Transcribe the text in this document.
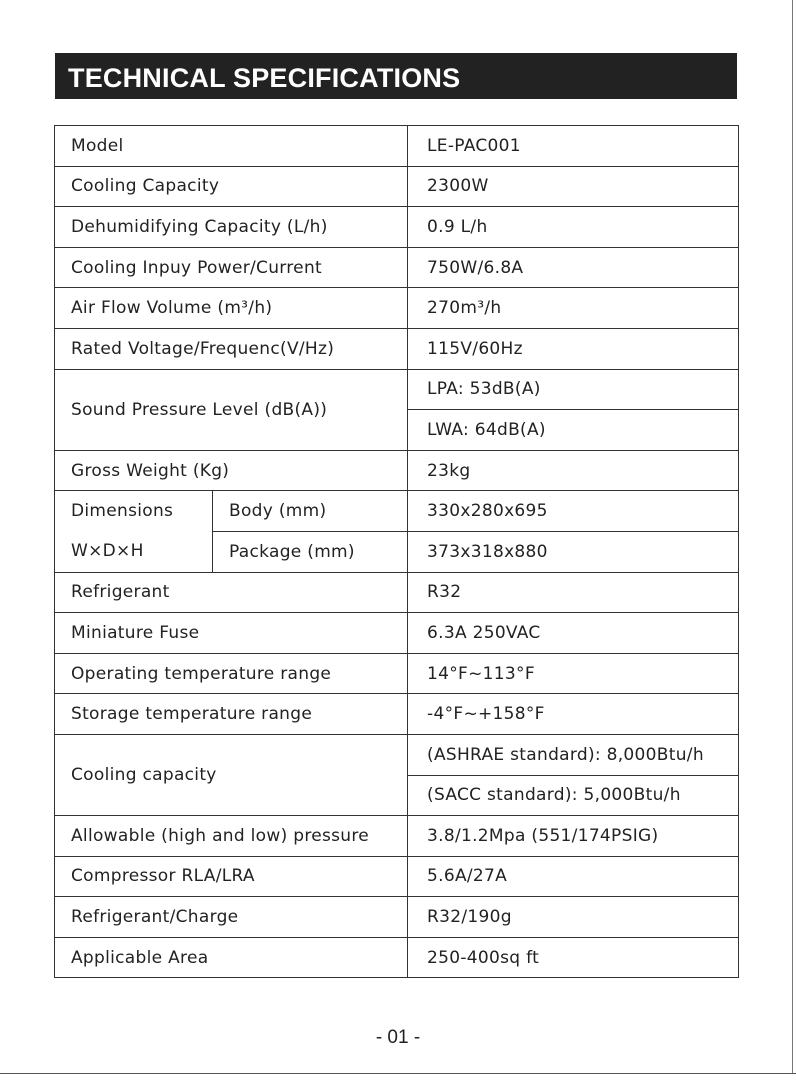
TECHNICAL SPECIFICATIONS
Model		LE-PAC001
Cooling Capacity		2300W
Dehumidifying Capacity (L/h)		0.9 L/h
Cooling Inpuy Power/Current		750W/6.8A
Air Flow Volume (m³/h)		270m³/h
Rated Voltage/Frequenc(V/Hz)		115V/60Hz
Sound Pressure Level (dB(A))		LPA: 53dB(A)
		LWA: 64dB(A)
Gross Weight (Kg)		23kg
Dimensions	Body (mm)	330x280x695
W×D×H	Package (mm)	373x318x880
Refrigerant		R32
Miniature Fuse		6.3A 250VAC
Operating temperature range		14°F~113°F
Storage temperature range		-4°F~+158°F
Cooling capacity		(ASHRAE standard): 8,000Btu/h
		(SACC standard): 5,000Btu/h
Allowable (high and low) pressure		3.8/1.2Mpa (551/174PSIG)
Compressor RLA/LRA		5.6A/27A
Refrigerant/Charge		R32/190g
Applicable Area		250-400sq ft
- 01 -
